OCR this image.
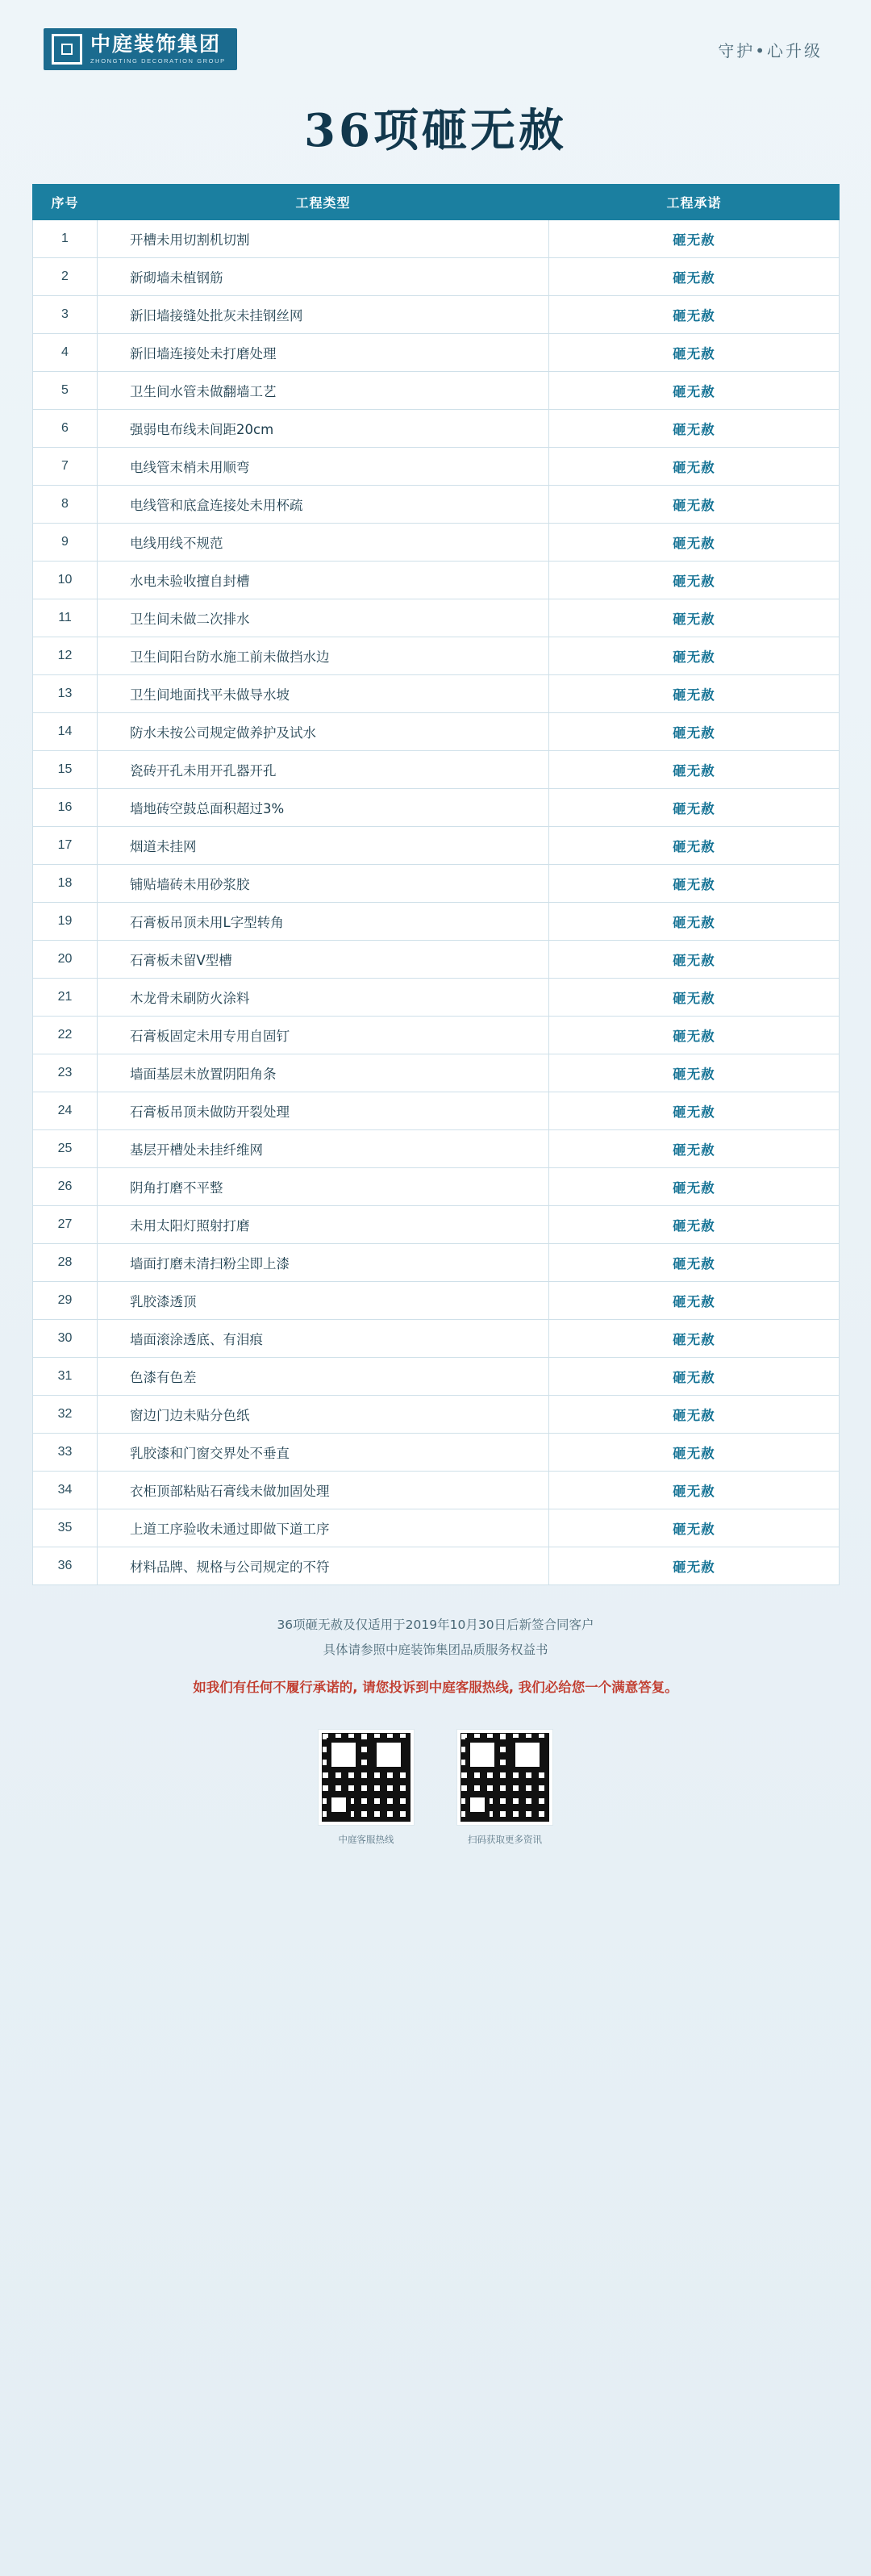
中庭装饰集团
ZHONGTING DECORATION GROUP
守护•心升级
36项砸无赦
序号	工程类型	工程承诺
1	开槽未用切割机切割	砸无赦
2	新砌墙未植钢筋	砸无赦
3	新旧墙接缝处批灰未挂钢丝网	砸无赦
4	新旧墙连接处未打磨处理	砸无赦
5	卫生间水管未做翻墙工艺	砸无赦
6	强弱电布线未间距20cm	砸无赦
7	电线管末梢未用顺弯	砸无赦
8	电线管和底盒连接处未用杯疏	砸无赦
9	电线用线不规范	砸无赦
10	水电未验收擅自封槽	砸无赦
11	卫生间未做二次排水	砸无赦
12	卫生间阳台防水施工前未做挡水边	砸无赦
13	卫生间地面找平未做导水坡	砸无赦
14	防水未按公司规定做养护及试水	砸无赦
15	瓷砖开孔未用开孔器开孔	砸无赦
16	墙地砖空鼓总面积超过3%	砸无赦
17	烟道未挂网	砸无赦
18	铺贴墙砖未用砂浆胶	砸无赦
19	石膏板吊顶未用L字型转角	砸无赦
20	石膏板未留V型槽	砸无赦
21	木龙骨未刷防火涂料	砸无赦
22	石膏板固定未用专用自固钉	砸无赦
23	墙面基层未放置阴阳角条	砸无赦
24	石膏板吊顶未做防开裂处理	砸无赦
25	基层开槽处未挂纤维网	砸无赦
26	阴角打磨不平整	砸无赦
27	未用太阳灯照射打磨	砸无赦
28	墙面打磨未清扫粉尘即上漆	砸无赦
29	乳胶漆透顶	砸无赦
30	墙面滚涂透底、有泪痕	砸无赦
31	色漆有色差	砸无赦
32	窗边门边未贴分色纸	砸无赦
33	乳胶漆和门窗交界处不垂直	砸无赦
34	衣柜顶部粘贴石膏线未做加固处理	砸无赦
35	上道工序验收未通过即做下道工序	砸无赦
36	材料品牌、规格与公司规定的不符	砸无赦
36项砸无赦及仅适用于2019年10月30日后新签合同客户
具体请参照中庭装饰集团品质服务权益书
如我们有任何不履行承诺的, 请您投诉到中庭客服热线, 我们必给您一个满意答复。
中庭客服热线	扫码获取更多资讯
